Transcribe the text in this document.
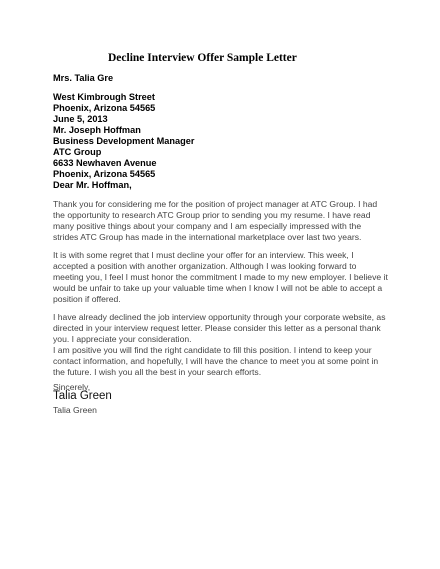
Decline Interview Offer Sample Letter
Mrs. Talia Gre
West Kimbrough Street
Phoenix, Arizona 54565
June 5, 2013
Mr. Joseph Hoffman
Business Development Manager
ATC Group
6633 Newhaven Avenue
Phoenix, Arizona 54565
Dear Mr. Hoffman,
Thank you for considering me for the position of project manager at ATC Group. I had
the opportunity to research ATC Group prior to sending you my resume. I have read
many positive things about your company and I am especially impressed with the
strides ATC Group has made in the international marketplace over last two years.
It is with some regret that I must decline your offer for an interview. This week, I
accepted a position with another organization. Although I was looking forward to
meeting you, I feel I must honor the commitment I made to my new employer. I believe it
would be unfair to take up your valuable time when I know I will not be able to accept a
position if offered.
I have already declined the job interview opportunity through your corporate website, as
directed in your interview request letter. Please consider this letter as a personal thank
you. I appreciate your consideration.
I am positive you will find the right candidate to fill this position. I intend to keep your
contact information, and hopefully, I will have the chance to meet you at some point in
the future. I wish you all the best in your search efforts.
Sincerely,
Talia Green
Talia Green
